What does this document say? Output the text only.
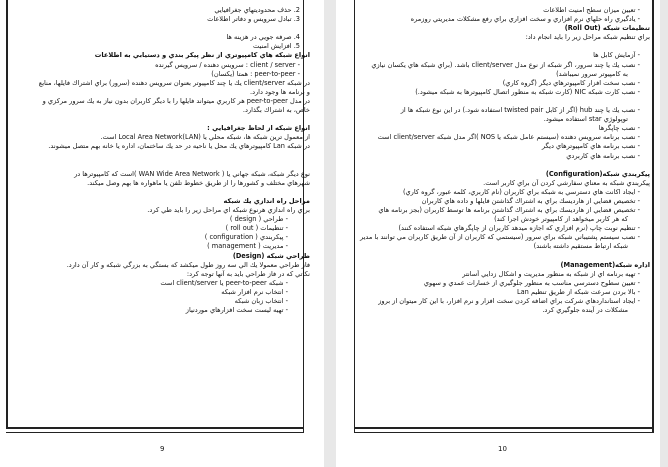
2. حذف محدوديتهاي جغرافيايي
3. تبادل سرويس و دفاتر اطلاعات
4. صرفه جويي در هزينه ها
5. افزايش امنيت
انواع شبكه هاي كامپيوتري از نظر پيكر بندي و دستيابي به اطلاعات
- client / server : سرويس دهنده / سرويس گيرنده
- peer-to-peer : همتا (يكسان)
در شبكه client/server يك يا چند كامپيوتر بعنوان سرويس دهنده (سرور) براي اشتراك فايلها، منابع
و برنامه ها وجود دارد.
در مدل peer-to-peer هر كاربري ميتواند فايلها را با ديگر كاربران بدون نياز به يك سرور مركزي و
خاص، به اشتراك بگذارد.
انواع شبكه از لحاظ جغرافيايي :
از معمول ترين شبكه ها، شبكه محلي يا Local Area Network(LAN) است.
در شبكه Lan كامپيوترهاي يك محل يا ناحيه در حد يك ساختمان، اداره يا خانه بهم متصل ميشوند.
نوع ديگر شبكه، شبكه جهاني يا ( WAN Wide Area Network )است كه كامپيوترها در
شهرهاي مختلف و كشورها را از طريق خطوط تلفن يا ماهواره ها بهم وصل ميكند.
مراحل راه اندازي يك شبكه
براي راه اندازي هرنوع شبكه اي مراحل زير را بايد طي كرد.
- طراحي ( design )
- تنظيمات ( roll out )
- پيكربندي ( configuration )
- مديريت ( management )
طراحي شبكه (Design)
فاز طراحي معمولا يك الي سه روز طول ميكشد كه بستگي به بزرگي شبكه و كار آن دارد.
نكاتي كه در فاز طراحي بايد به آنها توجه كرد:
- شبكه peer-to-peer يا client/server است
- انتخاب نرم افزار شبكه
- انتخاب زبان شبكه
- تهيه ليست سخت افزارهاي موردنياز
9
- تعيين ميزان سطح امنيت اطلاعات
- يادگيري راه حلهاي نرم افزاري و سخت افزاري براي رفع مشكلات مديريتي روزمره
تنظيمات شبكه (Roll Out)
براي تنظيم شبكه مراحل زير را بايد انجام داد:
- آزمايش كابل ها
- نصب يك يا چند سرور، اگر شبكه از نوع مدل client/server باشد. (براي شبكه هاي يكسان نيازي
به كامپيوتر سرور نميباشد)
- نصب سخت افزار كامپيوترهاي ديگر (گروه كاري)
- نصب كارت شبكه NIC (كارت شبكه به منظور اتصال كامپيوترها به شبكه ميشود.)
- نصب يك يا چند hub (اگر از كابل twisted pair استفاده شود.) در اين نوع شبكه ها از
توپولوژي star استفاده ميشود.
- نصب چاپگرها
- نصب برنامه سرويس دهنده (سيستم عامل شبكه يا NOS )اگر مدل شبكه client/server است
- نصب برنامه هاي كامپيوترهاي ديگر
- نصب برنامه هاي كاربردي
پيكربندي شبكه(Configuration)
پيكربندي شبكه به معناي سفارشي كردن آن براي كاربر است.
- ايجاد اكانت هاي دسترسي به شبكه براي كاربران (نام كاربري، كلمه عبور، گروه كاري)
- تخصيص فضايي از هارديسك براي به اشتراك گذاشتن فايلها و داده هاي كاربران
- تخصيص فضايي از هارديسك براي به اشتراك گذاشتن برنامه ها توسط كاربران (بجز برنامه هاي
كه هر كاربر ميخواهد از كامپيوتر خودش اجرا كند)
- تنظيم نوبت چاپ (نرم افزاري كه اجازه ميدهد كاربران از چاپگرهاي شبكه استفاده كنند)
- نصب سيستم پشتيباني شبكه براي سرور (سيستمي كه كاربران از آن طريق كاربران مي توانند با مدير
شبكه ارتباط مستقيم داشته باشند)
اداره شبكه(Management)
- تهيه برنامه اي از شبكه به منظور مديريت و اشكال زدايي آسانتر
- تعيين سطوح دسترسي مناسب به منظور جلوگيري از خسارات عمدي و سهوي
- بالا بردن سرعت شبكه از طريق تنظيم Lan
- ايجاد استانداردهاي شركت براي اضافه كردن سخت افزار و نرم افزار، با اين كار ميتوان از بروز
مشكلات در آينده جلوگيري كرد.
10
